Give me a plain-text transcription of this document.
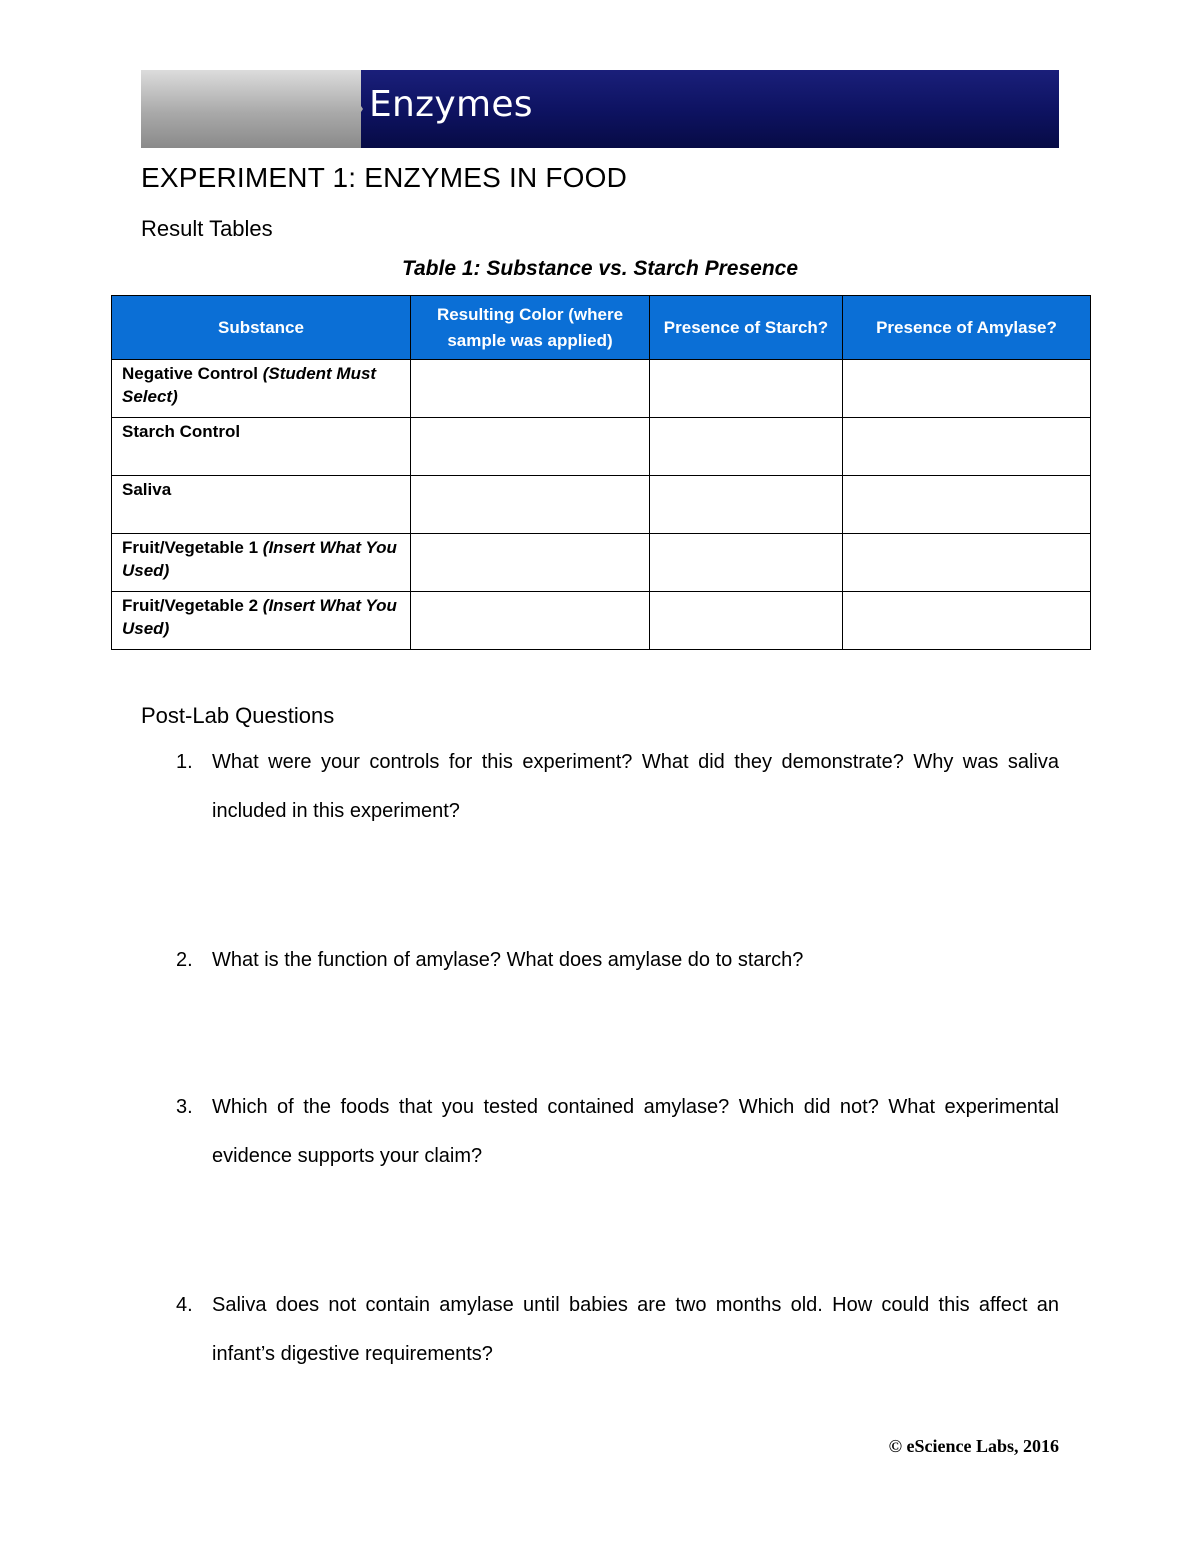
Enzymes
EXPERIMENT 1: ENZYMES IN FOOD
Result Tables
Table 1: Substance vs. Starch Presence
Substance	Resulting Color (where sample was applied)	Presence of Starch?	Presence of Amylase?
Negative Control (Student Must Select)			
Starch Control			
Saliva			
Fruit/Vegetable 1 (Insert What You Used)			
Fruit/Vegetable 2 (Insert What You Used)			
Post-Lab Questions
1. What were your controls for this experiment? What did they demonstrate? Why was saliva included in this experiment?
2. What is the function of amylase? What does amylase do to starch?
3. Which of the foods that you tested contained amylase? Which did not? What experimental evidence supports your claim?
4. Saliva does not contain amylase until babies are two months old. How could this affect an infant’s digestive requirements?
© eScience Labs, 2016
